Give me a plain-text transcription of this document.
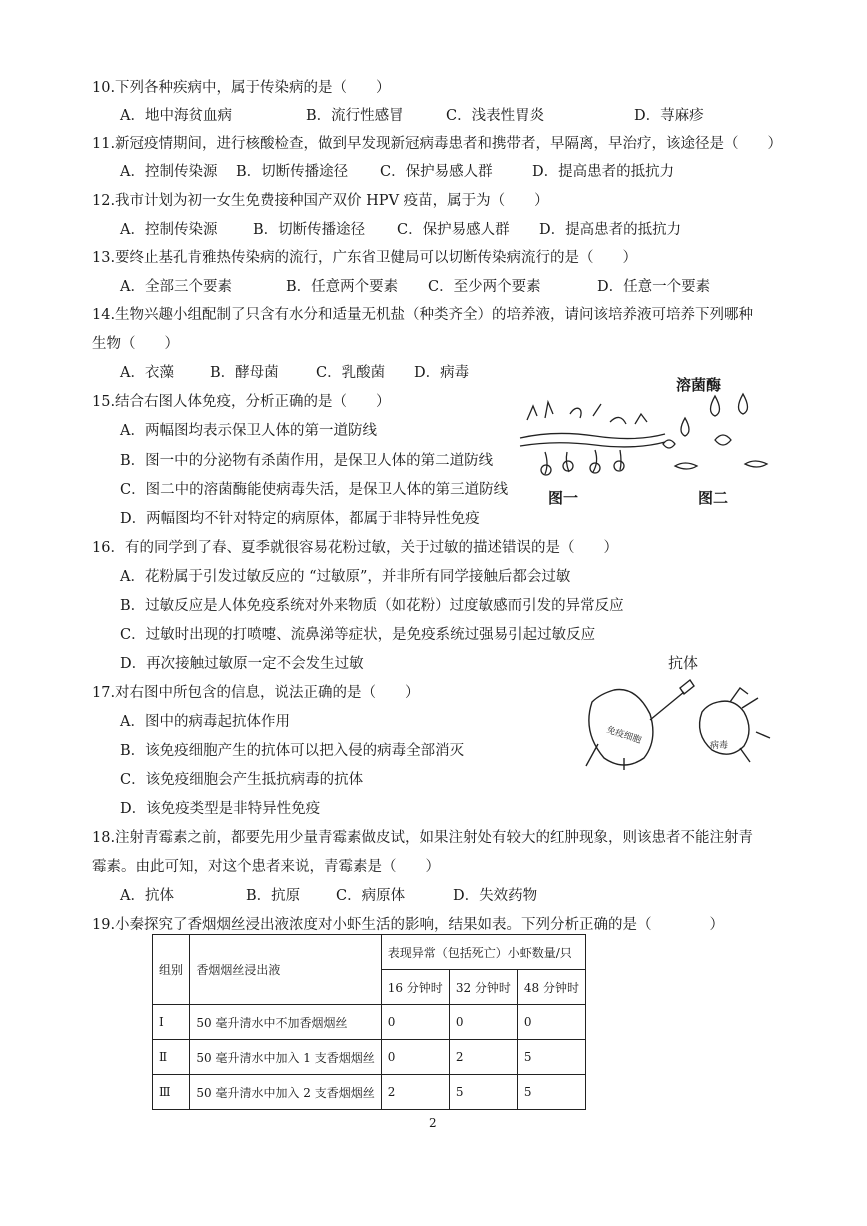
10.下列各种疾病中，属于传染病的是（　　）
A．地中海贫血病	B．流行性感冒	C．浅表性胃炎	D．荨麻疹
11.新冠疫情期间，进行核酸检查，做到早发现新冠病毒患者和携带者，早隔离，早治疗，该途径是（　　）
A．控制传染源 B．切断传播途径 C．保护易感人群	D．提高患者的抵抗力
12.我市计划为初一女生免费接种国产双价 HPV 疫苗，属于为（　　）
A．控制传染源 B．切断传播途径 C．保护易感人群 D．提高患者的抵抗力
13.要终止基孔肯雅热传染病的流行，广东省卫健局可以切断传染病流行的是（　　）
A．全部三个要素	B．任意两个要素 C．至少两个要素	D．任意一个要素
14.生物兴趣小组配制了只含有水分和适量无机盐（种类齐全）的培养液，请问该培养液可培养下列哪种
生物（　　）
A．衣藻 B．酵母菌	C．乳酸菌 D．病毒
15.结合右图人体免疫，分析正确的是（　　）
A．两幅图均表示保卫人体的第一道防线
B．图一中的分泌物有杀菌作用，是保卫人体的第二道防线
C．图二中的溶菌酶能使病毒失活，是保卫人体的第三道防线
D．两幅图均不针对特定的病原体，都属于非特异性免疫
溶菌酶
图一	图二
16．有的同学到了春、夏季就很容易花粉过敏，关于过敏的描述错误的是（　　）
A．花粉属于引发过敏反应的 “过敏原”，并非所有同学接触后都会过敏
B．过敏反应是人体免疫系统对外来物质（如花粉）过度敏感而引发的异常反应
C．过敏时出现的打喷嚏、流鼻涕等症状，是免疫系统过强易引起过敏反应
D．再次接触过敏原一定不会发生过敏
17.对右图中所包含的信息，说法正确的是（　　）
A．图中的病毒起抗体作用
B．该免疫细胞产生的抗体可以把入侵的病毒全部消灭
C．该免疫细胞会产生抵抗病毒的抗体
D．该免疫类型是非特异性免疫
抗体
免疫细胞
病毒
18.注射青霉素之前，都要先用少量青霉素做皮试，如果注射处有较大的红肿现象，则该患者不能注射青
霉素。由此可知，对这个患者来说，青霉素是（　　）
A．抗体	B．抗原 C．病原体	D．失效药物
19.小秦探究了香烟烟丝浸出液浓度对小虾生活的影响，结果如表。下列分析正确的是（　　　　）
组别	香烟烟丝浸出液	表现异常（包括死亡）小虾数量/只		
		16 分钟时	32 分钟时	48 分钟时
Ⅰ	50 毫升清水中不加香烟烟丝	0	0	0
Ⅱ	50 毫升清水中加入 1 支香烟烟丝	0	2	5
Ⅲ	50 毫升清水中加入 2 支香烟烟丝	2	5	5
2
